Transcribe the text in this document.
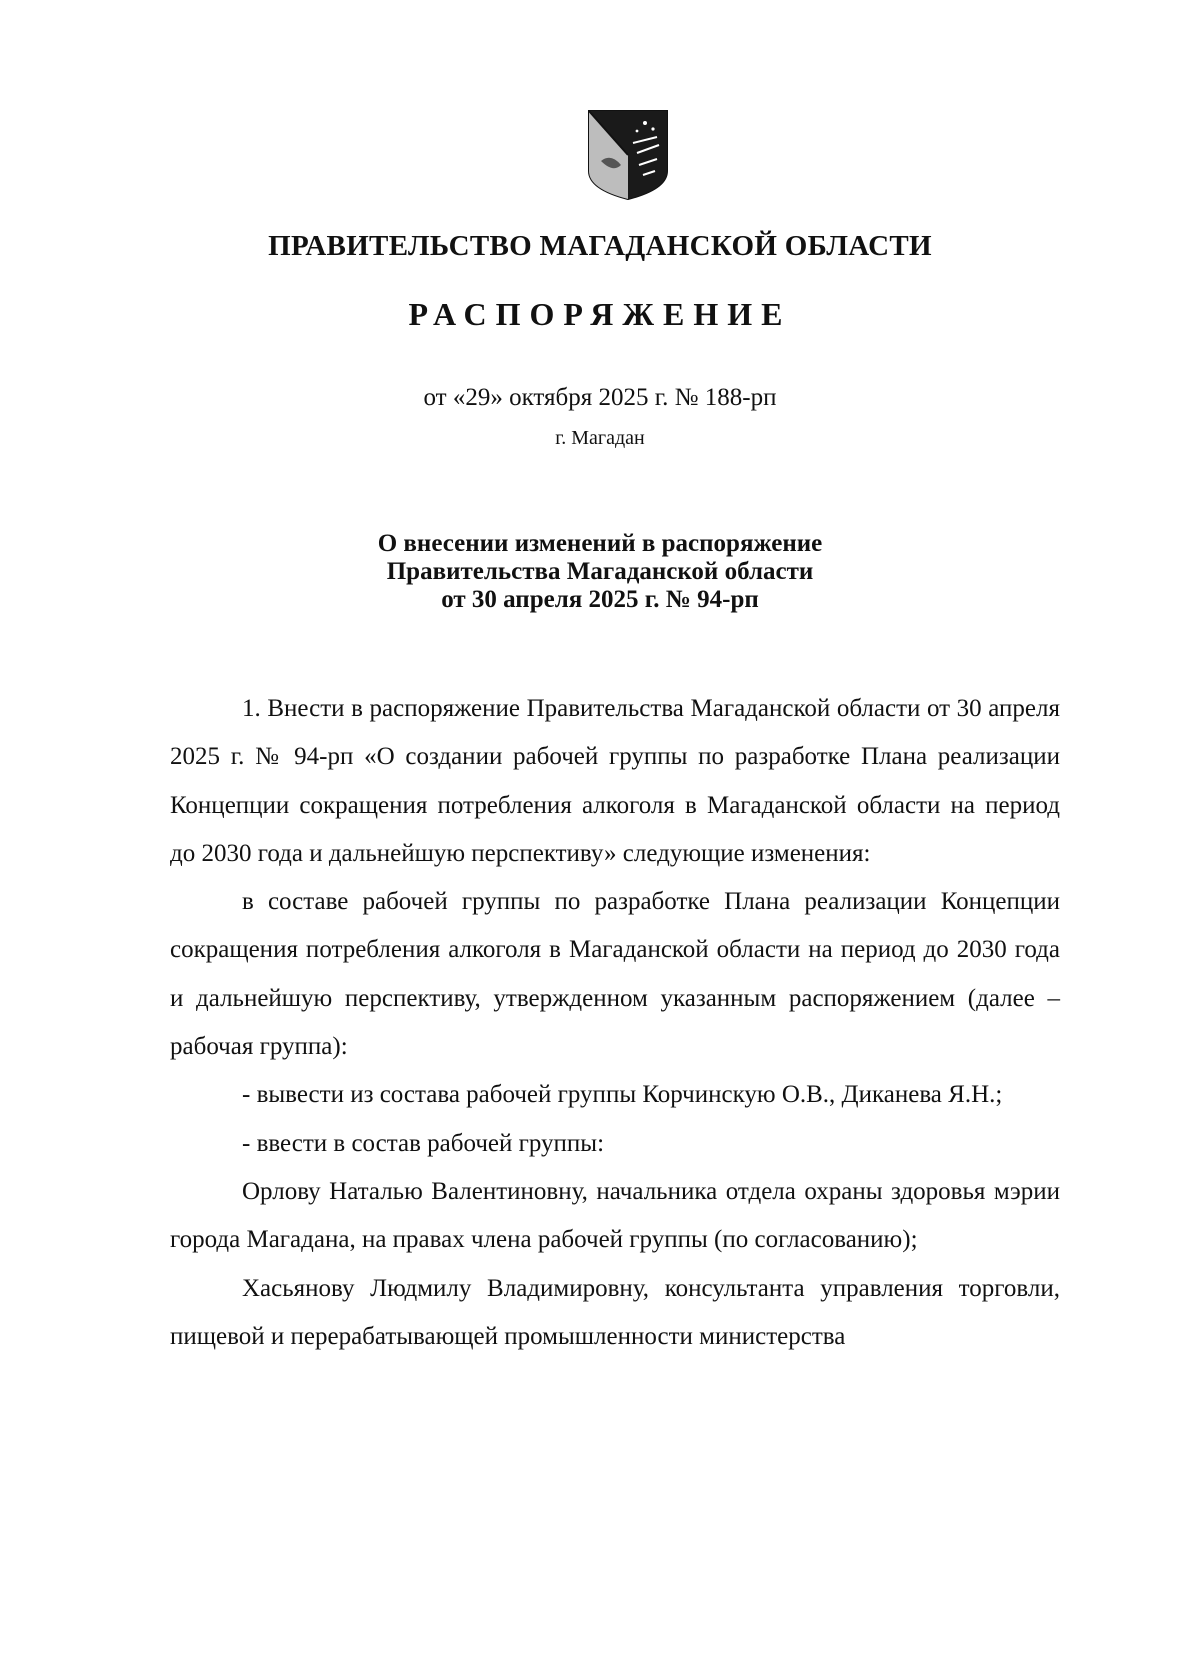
ПРАВИТЕЛЬСТВО МАГАДАНСКОЙ ОБЛАСТИ
РАСПОРЯЖЕНИЕ
от «29» октября 2025 г. № 188-рп
г. Магадан
О внесении изменений в распоряжение
Правительства Магаданской области
от 30 апреля 2025 г. № 94-рп

1. Внести в распоряжение Правительства Магаданской области от 30 апреля 2025 г. № 94-рп «О создании рабочей группы по разработке Плана реализации Концепции сокращения потребления алкоголя в Магаданской области на период до 2030 года и дальнейшую перспективу» следующие изменения:

в составе рабочей группы по разработке Плана реализации Концепции сокращения потребления алкоголя в Магаданской области на период до 2030 года и дальнейшую перспективу, утвержденном указанным распоряжением (далее – рабочая группа):

- вывести из состава рабочей группы Корчинскую О.В., Диканева Я.Н.;

- ввести в состав рабочей группы:

Орлову Наталью Валентиновну, начальника отдела охраны здоровья мэрии города Магадана, на правах члена рабочей группы (по согласованию);

Хасьянову Людмилу Владимировну, консультанта управления торговли, пищевой и перерабатывающей промышленности министерства
